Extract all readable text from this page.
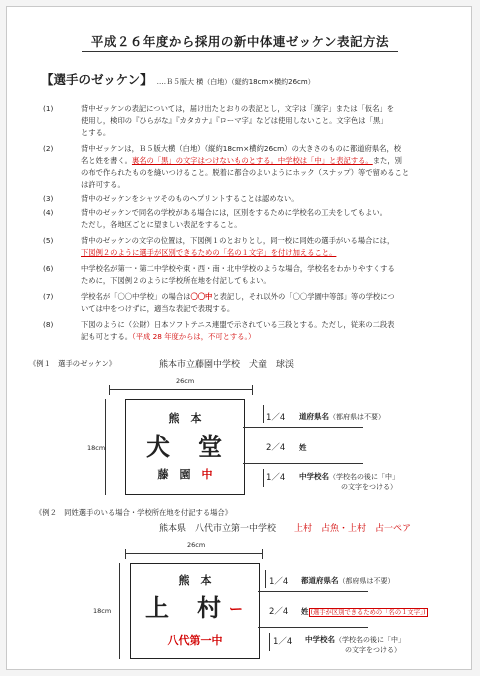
平成２６年度から採用の新中体連ゼッケン表記方法
【選手のゼッケン】 ‥‥Ｂ５版大 横（白地）（縦約18cm×横約26cm）
(1)	背中ゼッケンの表記については，届け出たとおりの表記とし，文字は「漢字」または「仮名」を
使用し，検印の『ひらがな』『カタカナ』『ローマ字』などは使用しないこと。文字色は「黒」
とする。
(2)	背中ゼッケンは，Ｂ５版大横（白地）（縦約18cm×横約26cm）の大きさのものに都道府県名，校
名と姓を書く。裏名の「黒」の文字はつけないものとする。中学校は「中」と表記する。また，別
の布で作られたものを縫いつけること。脱着に都合のよいようにホック（スナップ）等で留めること
は許可する。
(3)	背中のゼッケンをシャツそのものへプリントすることは認めない。
(4)	背中のゼッケンで同名の学校がある場合には，区別をするために学校名の工夫をしてもよい。
ただし，各地区ごとに望ましい表記をすること。
(5)	背中のゼッケンの文字の位置は，下図例１のとおりとし，同一校に同姓の選手がいる場合には，
下図例２のように選手が区別できるための「名の１文字」を付け加えること。
(6)	中学校名が第一・第二中学校や東・西・南・北中学校のような場合，学校名をわかりやすくする
ために，下図例２のように学校所在地を付記してもよい。
(7)	学校名が「〇〇中学校」の場合は〇〇中と表記し，それ以外の「〇〇学園中等部」等の学校につ
いては中をつけずに，適当な表記で表現する。
(8)	下図のように（公財）日本ソフトテニス連盟で示されている三段とする。ただし，従来の二段表
記も可とする。（平成 28 年度からは，不可とする。）
《例１　選手のゼッケン》	熊本市立藤園中学校　犬童　球渓
26cm
18cm
熊　本
犬　堂
藤　園　 中
1／4
2／4
1／4
道府県名（都府県は不要）
姓
中学校名（学校名の後に「中」
の文字をつける）
《例２　同姓選手のいる場合・学校所在地を付記する場合》
熊本県　八代市立第一中学校　　 上村　占魚・上村　占一ペア
26cm
18cm
熊　本
上　村 ー
八代第一中
1／4
2／4
1／4
都道府県名（都府県は不要）
姓 (選手が区別できるための「名の１文字」)
中学校名（学校名の後に「中」
の文字をつける）
